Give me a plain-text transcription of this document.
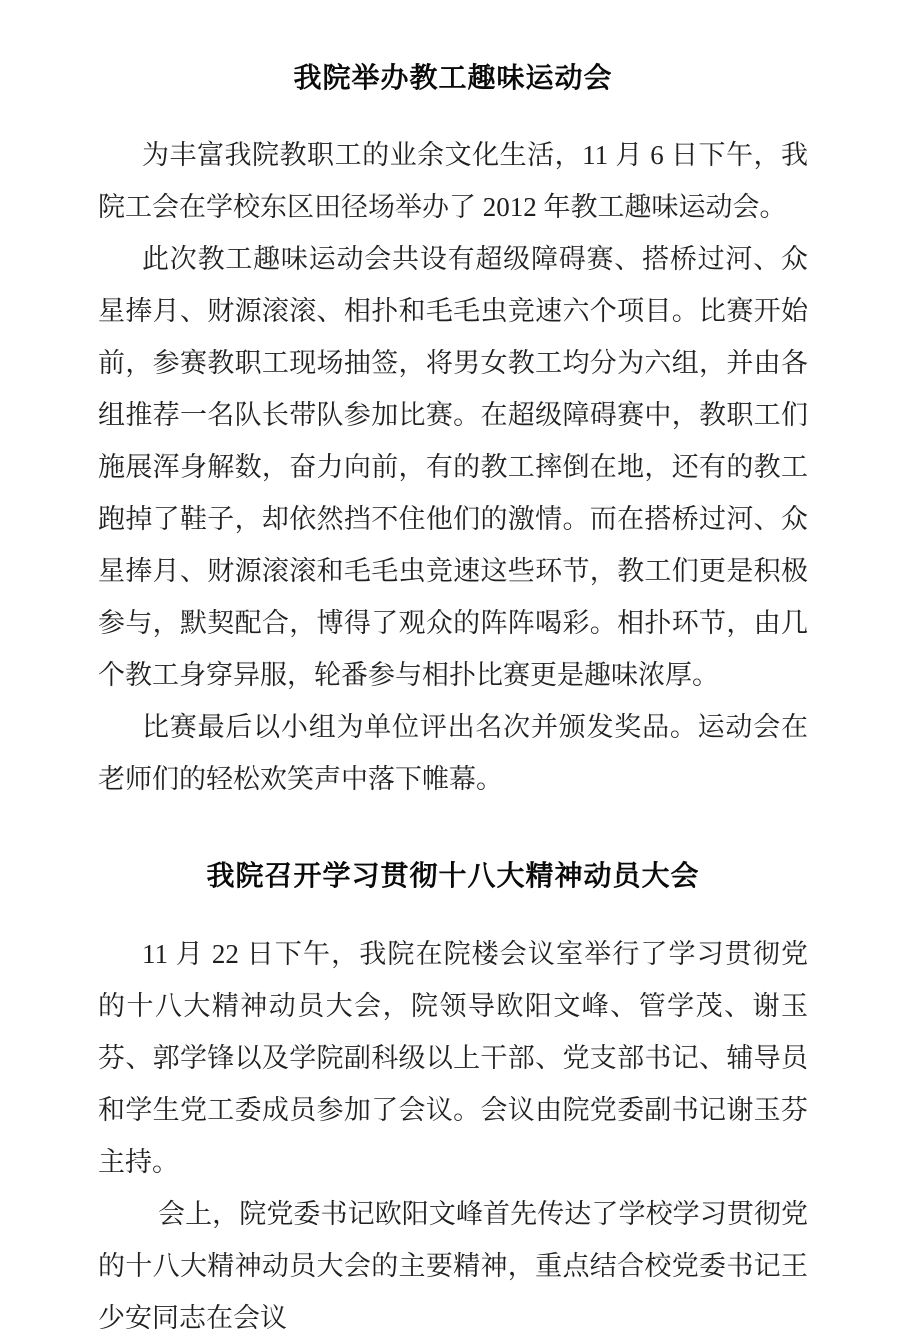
我院举办教工趣味运动会

为丰富我院教职工的业余文化生活，11 月 6 日下午，我院工会在学校东区田径场举办了 2012 年教工趣味运动会。

此次教工趣味运动会共设有超级障碍赛、搭桥过河、众星捧月、财源滚滚、相扑和毛毛虫竞速六个项目。比赛开始前，参赛教职工现场抽签，将男女教工均分为六组，并由各组推荐一名队长带队参加比赛。在超级障碍赛中，教职工们施展浑身解数，奋力向前，有的教工摔倒在地，还有的教工跑掉了鞋子，却依然挡不住他们的激情。而在搭桥过河、众星捧月、财源滚滚和毛毛虫竞速这些环节，教工们更是积极参与，默契配合，博得了观众的阵阵喝彩。相扑环节，由几个教工身穿异服，轮番参与相扑比赛更是趣味浓厚。

比赛最后以小组为单位评出名次并颁发奖品。运动会在老师们的轻松欢笑声中落下帷幕。

我院召开学习贯彻十八大精神动员大会

11 月 22 日下午，我院在院楼会议室举行了学习贯彻党的十八大精神动员大会，院领导欧阳文峰、管学茂、谢玉芬、郭学锋以及学院副科级以上干部、党支部书记、辅导员和学生党工委成员参加了会议。会议由院党委副书记谢玉芬主持。

会上，院党委书记欧阳文峰首先传达了学校学习贯彻党的十八大精神动员大会的主要精神，重点结合校党委书记王少安同志在会议
